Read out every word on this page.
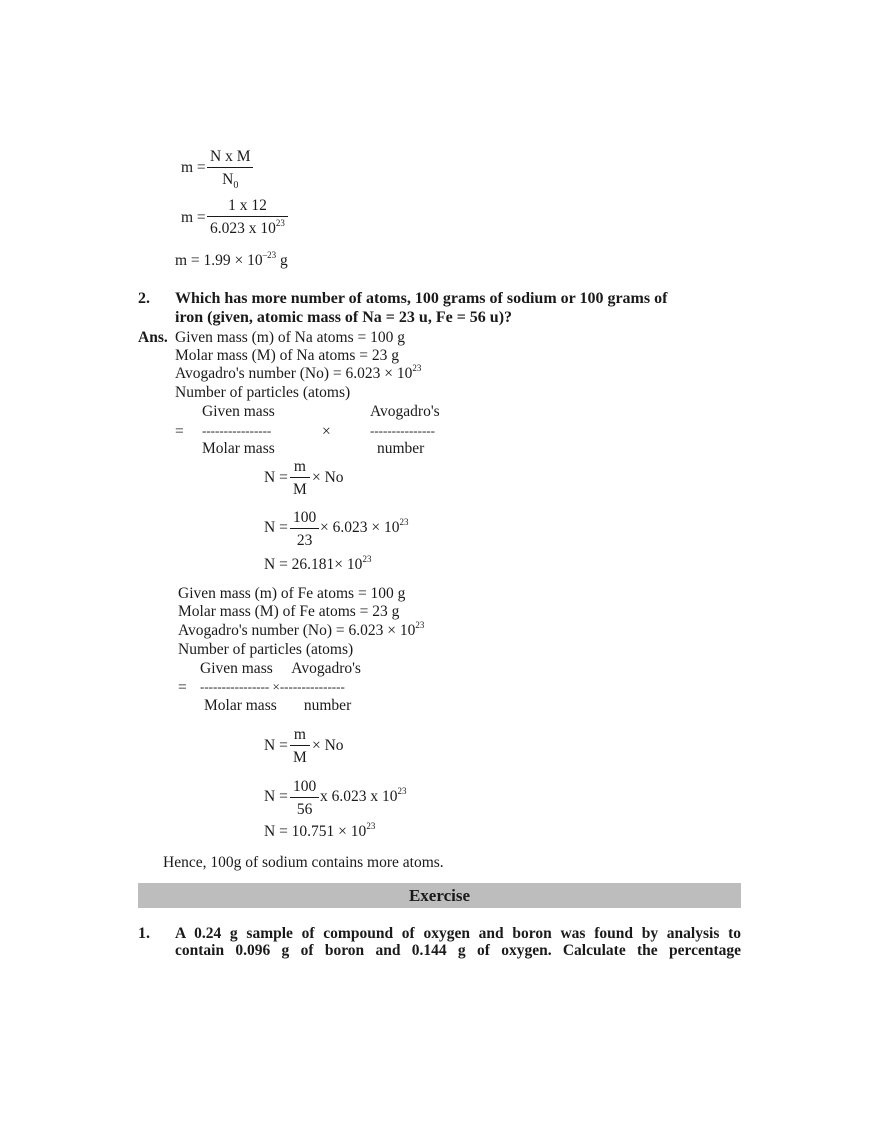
$m = \frac{\text{N x M}}{N_0}$
$m = \frac{1 x 12}{6.023 x 10^{23}}$
$m = 1.99 \times 10^{-23}$ g
2. Which has more number of atoms, 100 grams of sodium or 100 grams of
iron (given, atomic mass of Na = 23 u, Fe = 56 u)?
Ans. Given mass (m) of Na atoms = 100 g
Molar mass (M) of Na atoms = 23 g
Avogadro's number $(No) = 6.023 \times 10^{23}$
Number of particles (atoms)
Given mass	Avogadro's
= ----------------	×	---------------
Molar mass	number
$N = \frac{m}{M} \times No$
$N = \frac{100}{23} \times 6.023 \times 10^{23}$
$N = 26.181\times 10^{23}$
Given mass (m) of Fe atoms = 100 g
Molar mass (M) of Fe atoms = 23 g
Avogadro's number $(No) = 6.023 \times 10^{23}$
Number of particles (atoms)
Given mass     Avogadro's
= ---------------- ×---------------
Molar mass       number
$N = \frac{m}{M} \times No$
$N = \frac{100}{56}$ x 6.023 x $10^{23}$
$N = 10.751 \times 10^{23}$
Hence, 100g of sodium contains more atoms.
Exercise
1. A 0.24 g sample of compound of oxygen and boron was found by analysis to
contain 0.096 g of boron and 0.144 g of oxygen. Calculate the percentage
